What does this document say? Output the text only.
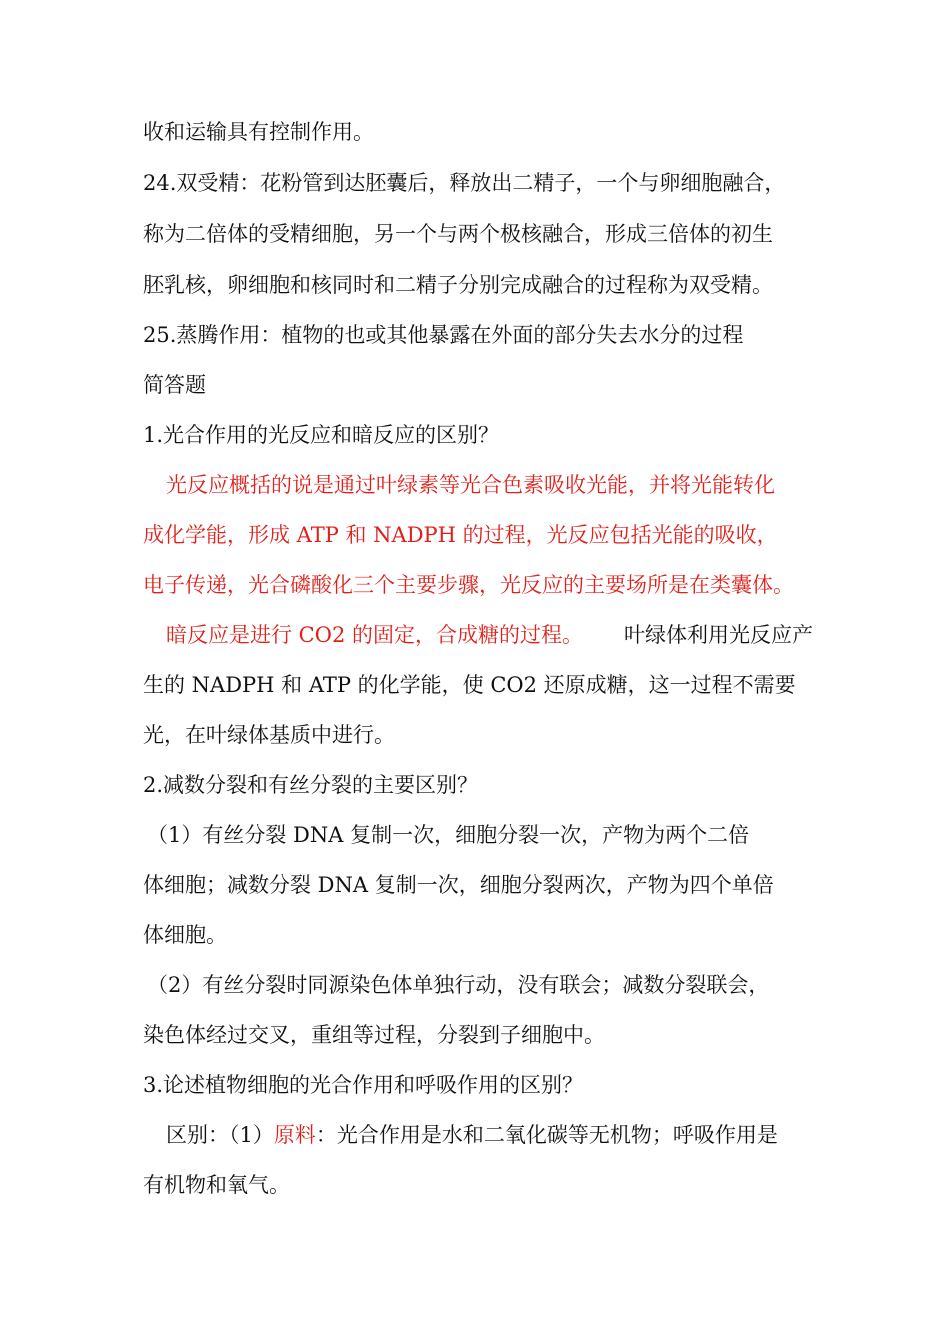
收和运输具有控制作用。
24.双受精：花粉管到达胚囊后，释放出二精子，一个与卵细胞融合，
称为二倍体的受精细胞，另一个与两个极核融合，形成三倍体的初生
胚乳核，卵细胞和核同时和二精子分别完成融合的过程称为双受精。
25.蒸腾作用：植物的也或其他暴露在外面的部分失去水分的过程
简答题
1.光合作用的光反应和暗反应的区别？
光反应概括的说是通过叶绿素等光合色素吸收光能，并将光能转化
成化学能，形成 ATP 和 NADPH 的过程，光反应包括光能的吸收，
电子传递，光合磷酸化三个主要步骤，光反应的主要场所是在类囊体。
暗反应是进行 CO2 的固定，合成糖的过程。 叶绿体利用光反应产
生的 NADPH 和 ATP 的化学能，使 CO2 还原成糖，这一过程不需要
光，在叶绿体基质中进行。
2.减数分裂和有丝分裂的主要区别？
（1）有丝分裂 DNA 复制一次，细胞分裂一次，产物为两个二倍
体细胞；减数分裂 DNA 复制一次，细胞分裂两次，产物为四个单倍
体细胞。
（2）有丝分裂时同源染色体单独行动，没有联会；减数分裂联会，
染色体经过交叉，重组等过程，分裂到子细胞中。
3.论述植物细胞的光合作用和呼吸作用的区别？
区别：（1）原料：光合作用是水和二氧化碳等无机物；呼吸作用是
有机物和氧气。
